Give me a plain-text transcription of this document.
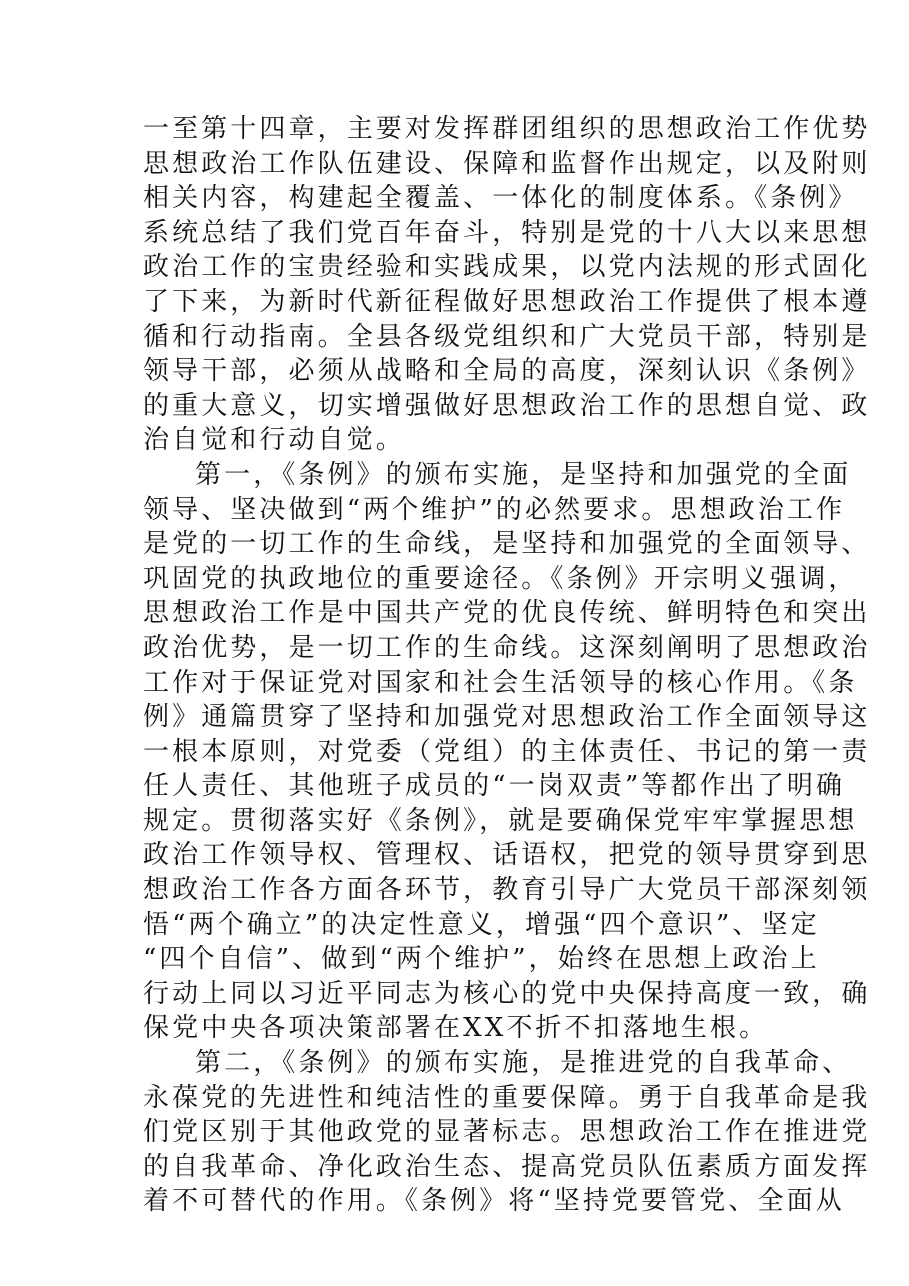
一至第十四章，主要对发挥群团组织的思想政治工作优势
思想政治工作队伍建设、保障和监督作出规定，以及附则
相关内容，构建起全覆盖、一体化的制度体系。《条例》
系统总结了我们党百年奋斗，特别是党的十八大以来思想
政治工作的宝贵经验和实践成果，以党内法规的形式固化
了下来，为新时代新征程做好思想政治工作提供了根本遵
循和行动指南。全县各级党组织和广大党员干部，特别是
领导干部，必须从战略和全局的高度，深刻认识《条例》
的重大意义，切实增强做好思想政治工作的思想自觉、政
治自觉和行动自觉。
第一，《条例》的颁布实施，是坚持和加强党的全面
领导、坚决做到“两个维护”的必然要求。思想政治工作
是党的一切工作的生命线，是坚持和加强党的全面领导、
巩固党的执政地位的重要途径。《条例》开宗明义强调，
思想政治工作是中国共产党的优良传统、鲜明特色和突出
政治优势，是一切工作的生命线。这深刻阐明了思想政治
工作对于保证党对国家和社会生活领导的核心作用。《条
例》通篇贯穿了坚持和加强党对思想政治工作全面领导这
一根本原则，对党委（党组）的主体责任、书记的第一责
任人责任、其他班子成员的“一岗双责”等都作出了明确
规定。贯彻落实好《条例》，就是要确保党牢牢掌握思想
政治工作领导权、管理权、话语权，把党的领导贯穿到思
想政治工作各方面各环节，教育引导广大党员干部深刻领
悟“两个确立”的决定性意义，增强“四个意识”、坚定
“四个自信”、做到“两个维护”，始终在思想上政治上
行动上同以习近平同志为核心的党中央保持高度一致，确
保党中央各项决策部署在XX不折不扣落地生根。
第二，《条例》的颁布实施，是推进党的自我革命、
永葆党的先进性和纯洁性的重要保障。勇于自我革命是我
们党区别于其他政党的显著标志。思想政治工作在推进党
的自我革命、净化政治生态、提高党员队伍素质方面发挥
着不可替代的作用。《条例》将“坚持党要管党、全面从
